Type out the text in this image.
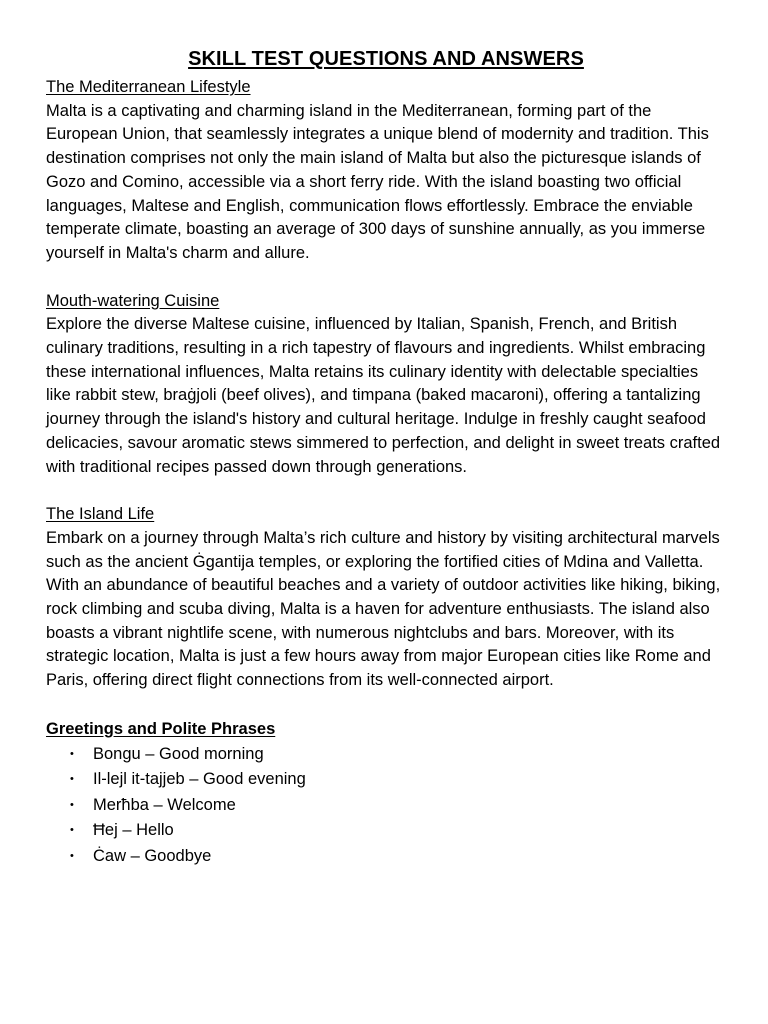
SKILL TEST QUESTIONS AND ANSWERS
The Mediterranean Lifestyle

Malta is a captivating and charming island in the Mediterranean, forming part of the European Union, that seamlessly integrates a unique blend of modernity and tradition. This destination comprises not only the main island of Malta but also the picturesque islands of Gozo and Comino, accessible via a short ferry ride. With the island boasting two official languages, Maltese and English, communication flows effortlessly. Embrace the enviable temperate climate, boasting an average of 300 days of sunshine annually, as you immerse yourself in Malta's charm and allure.

Mouth-watering Cuisine

Explore the diverse Maltese cuisine, influenced by Italian, Spanish, French, and British culinary traditions, resulting in a rich tapestry of flavours and ingredients. Whilst embracing these international influences, Malta retains its culinary identity with delectable specialties like rabbit stew, braġjoli (beef olives), and timpana (baked macaroni), offering a tantalizing journey through the island's history and cultural heritage. Indulge in freshly caught seafood delicacies, savour aromatic stews simmered to perfection, and delight in sweet treats crafted with traditional recipes passed down through generations.

The Island Life

Embark on a journey through Malta’s rich culture and history by visiting architectural marvels such as the ancient Ġgantija temples, or exploring the fortified cities of Mdina and Valletta. With an abundance of beautiful beaches and a variety of outdoor activities like hiking, biking, rock climbing and scuba diving, Malta is a haven for adventure enthusiasts. The island also boasts a vibrant nightlife scene, with numerous nightclubs and bars. Moreover, with its strategic location, Malta is just a few hours away from major European cities like Rome and Paris, offering direct flight connections from its well-connected airport.

Greetings and Polite Phrases
• Bongu – Good morning
• Il-lejl it-tajjeb – Good evening
• Merħba – Welcome
• Ħej – Hello
• Ċaw – Goodbye
